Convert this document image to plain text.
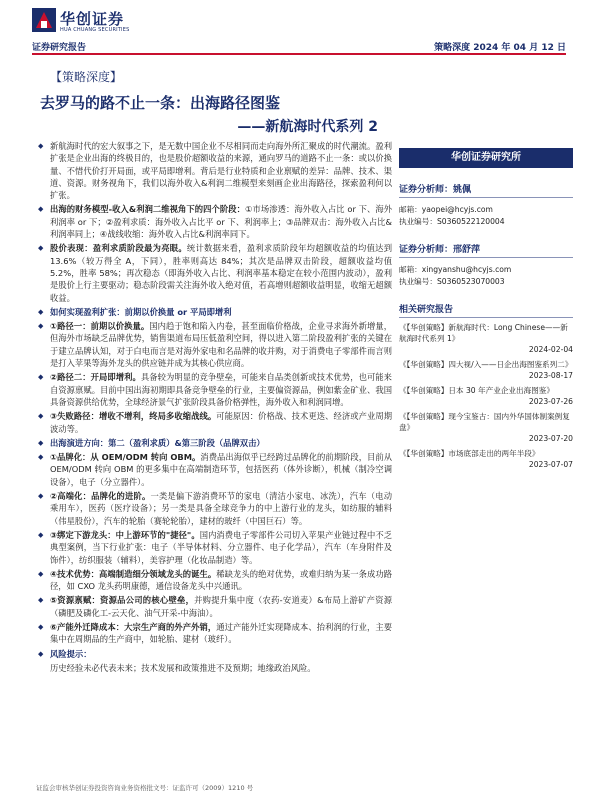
华创证券
HUA CHUANG SECURITIES
证券研究报告	策略深度 2024 年 04 月 12 日
【策略深度】
去罗马的路不止一条：出海路径图鉴
——新航海时代系列 2
◆ 新航海时代的宏大叙事之下，是无数中国企业不尽相同而走向海外所汇聚成的时代潮流。盈利扩张是企业出海的终极目的，也是股价超额收益的来源，通向罗马的道路不止一条：或以价换量、不惜代价打开局面，或平局即增利。背后是行业特质和企业禀赋的差异：品牌、技术、渠道、资源。财务视角下，我们以海外收入&利润二维模型来刻画企业出海路径，探索盈利何以扩张。
◆ 出海的财务模型-收入&利润二维视角下的四个阶段：①市场渗透：海外收入占比 or 下、海外利润率 or 下；②盈利求质：海外收入占比平 or 下、利润率上；③品牌双击：海外收入占比&利润率同上；④战线收缩：海外收入占比&利润率同下。
◆ 股价表现：盈利求质阶段最为亮眼。统计数据来看，盈利求质阶段年均超额收益的均值达到 13.6%（较万得全 A，下同），胜率则高达 84%；其次是品牌双击阶段，超额收益均值 5.2%，胜率 58%；再次稳态（即海外收入占比、利润率基本稳定在较小范围内波动），盈利是股价上行主要驱动；稳态阶段需关注海外收入绝对值，若高增则超额收益明显，收缩无超额收益。
◆ 如何实现盈利扩张：前期以价换量 or 平局即增利
◆ ①路径一：前期以价换量。国内趋于饱和陷入内卷，甚至面临价格战，企业寻求海外新增量，但海外市场缺乏品牌优势，销售渠道布局压低盈利空间，得以进入第二阶段盈利扩张的关键在于建立品牌认知，对于白电而言是对海外家电和名品牌的收并购，对于消费电子零部件而言则是打入苹果等海外龙头的供应链并成为其核心供应商。
◆ ②路径二：开局即增利。具备较为明显的竞争壁垒，可能来自品类创新或技术优势，也可能来自资源禀赋。目前中国出海初期即具备竞争壁垒的行业，主要偏资源品，例如紫金矿业、我国具备资源供给优势，全球经济景气扩张阶段具备价格弹性，海外收入和利润同增。
◆ ③失败路径：增收不增利，终局多收缩战线。可能原因：价格战、技术更迭、经济或产业周期波动等。
◆ 出海演进方向：第二（盈利求质）&第三阶段（品牌双击）
◆ ①品牌化：从 OEM/ODM 转向 OBM。消费品出海似乎已经跨过品牌化的前期阶段，目前从 OEM/ODM 转向 OBM 的更多集中在高端制造环节，包括医药（体外诊断），机械（制冷空调设备），电子（分立器件）。
◆ ②高端化：品牌化的进阶。一类是偏下游消费环节的家电（清洁小家电、冰洗），汽车（电动乘用车），医药（医疗设备）；另一类是具备全球竞争力的中上游行业的龙头，如纺服的辅料（伟星股份），汽车的轮胎（赛轮轮胎），建材的玻纤（中国巨石）等。
◆ ③绑定下游龙头：中上游环节的"捷径"。国内消费电子零部件公司切入苹果产业链过程中不乏典型案例，当下行业扩张：电子（半导体材料、分立器件、电子化学品），汽车（车身附件及饰件），纺织服装（辅料），美容护理（化妆品制造）等。
◆ ④技术优势：高端制造细分领域龙头的诞生。稀缺龙头的绝对优势，或难归纳为某一条成功路径，如 CXO 龙头药明康德，通信设备龙头中兴通讯。
◆ ⑤资源禀赋：资源品公司的核心壁垒，并购提升集中度（农药-安道麦）&布局上游矿产资源（磷肥及磷化工-云天化、油气开采-中海油）。
◆ ⑥产能外迁降成本：大宗生产商的外产外销，通过产能外迁实现降成本、抬利润的行业，主要集中在周期品的生产商中，如轮胎、建材（玻纤）。
◆ 风险提示：
历史经验未必代表未来；技术发展和政策推进不及预期；地缘政治风险。
华创证券研究所
证券分析师：姚佩
邮箱：yaopei@hcyjs.com
执业编号：S0360522120004
证券分析师：邢舒萍
邮箱：xingyanshu@hcyjs.com
执业编号：S0360523070003
相关研究报告
《【华创策略】新航海时代：Long Chinese——新航海时代系列 1》
2024-02-04
《【华创策略】四大视/入——日企出海图鉴系列二》
2023-08-17
《【华创策略】日本 30 年产业企业出海图鉴》
2023-07-26
《【华创策略】现今宝鉴古：国内外华国体制案例复盘》
2023-07-20
《【华创策略】市场底部走出的两年半段》
2023-07-07
证监会审核华创证券投资咨询业务资格批文号：证监许可（2009）1210 号
